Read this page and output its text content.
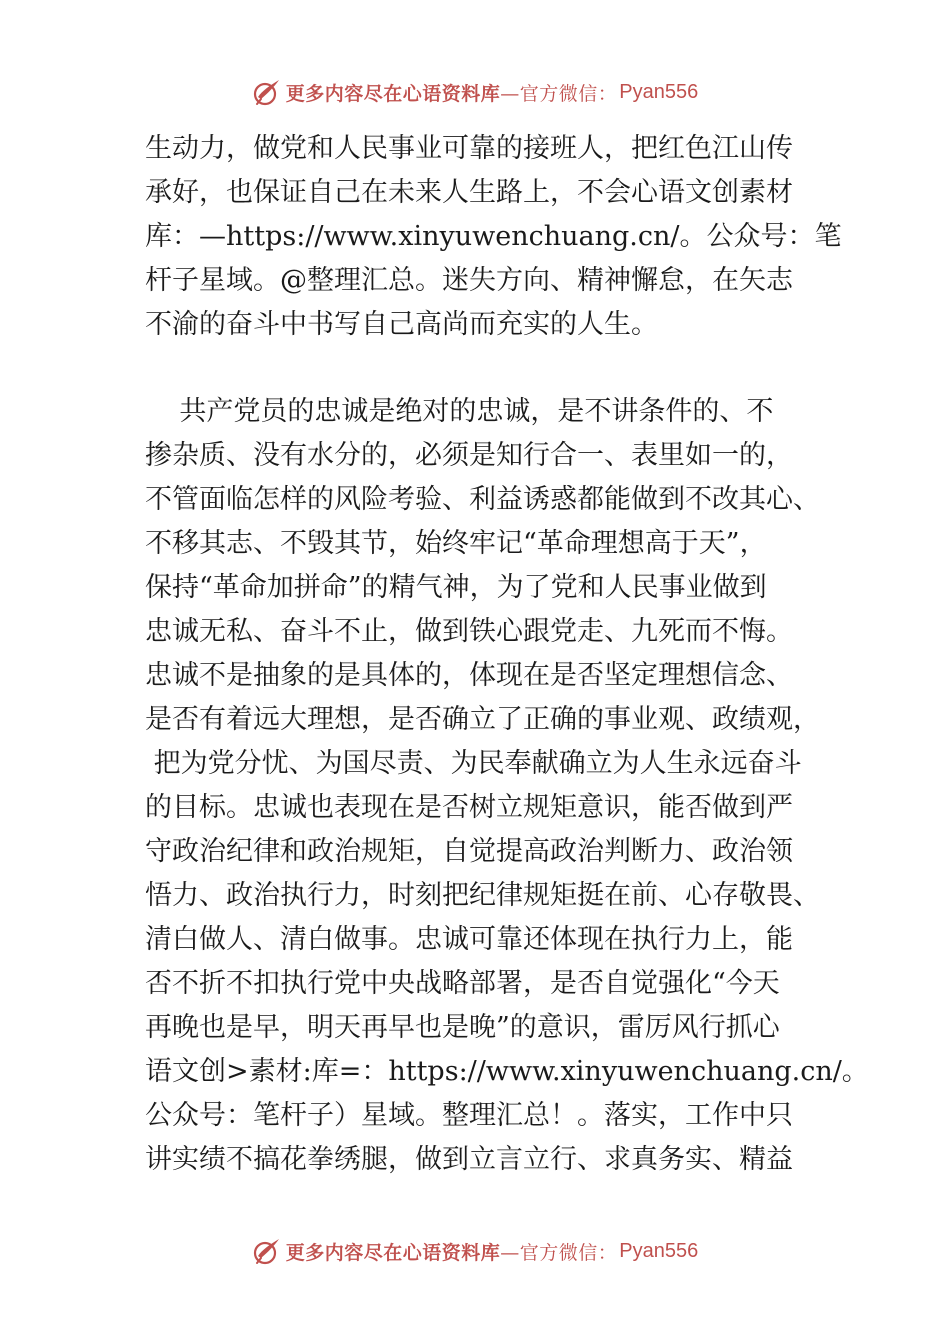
更多内容尽在心语资料库 —官方微信： Pyan556

生动力，做党和人民事业可靠的接班人，把红色江山传
承好，也保证自己在未来人生路上，不会心语文创素材
库：—https://www.xinyuwenchuang.cn/。公众号：笔
杆子星域。@整理汇总。迷失方向、精神懈怠，在矢志
不渝的奋斗中书写自己高尚而充实的人生。

共产党员的忠诚是绝对的忠诚，是不讲条件的、不
掺杂质、没有水分的，必须是知行合一、表里如一的，
不管面临怎样的风险考验、利益诱惑都能做到不改其心、
不移其志、不毁其节，始终牢记“革命理想高于天”，
保持“革命加拼命”的精气神，为了党和人民事业做到
忠诚无私、奋斗不止，做到铁心跟党走、九死而不悔。
忠诚不是抽象的是具体的，体现在是否坚定理想信念、
是否有着远大理想，是否确立了正确的事业观、政绩观，
把为党分忧、为国尽责、为民奉献确立为人生永远奋斗
的目标。忠诚也表现在是否树立规矩意识，能否做到严
守政治纪律和政治规矩，自觉提高政治判断力、政治领
悟力、政治执行力，时刻把纪律规矩挺在前、心存敬畏、
清白做人、清白做事。忠诚可靠还体现在执行力上，能
否不折不扣执行党中央战略部署，是否自觉强化“今天
再晚也是早，明天再早也是晚”的意识，雷厉风行抓心
语文创>素材:库=：https://www.xinyuwenchuang.cn/。
公众号：笔杆子）星域。整理汇总！。落实，工作中只
讲实绩不搞花拳绣腿，做到立言立行、求真务实、精益

更多内容尽在心语资料库 —官方微信： Pyan556
